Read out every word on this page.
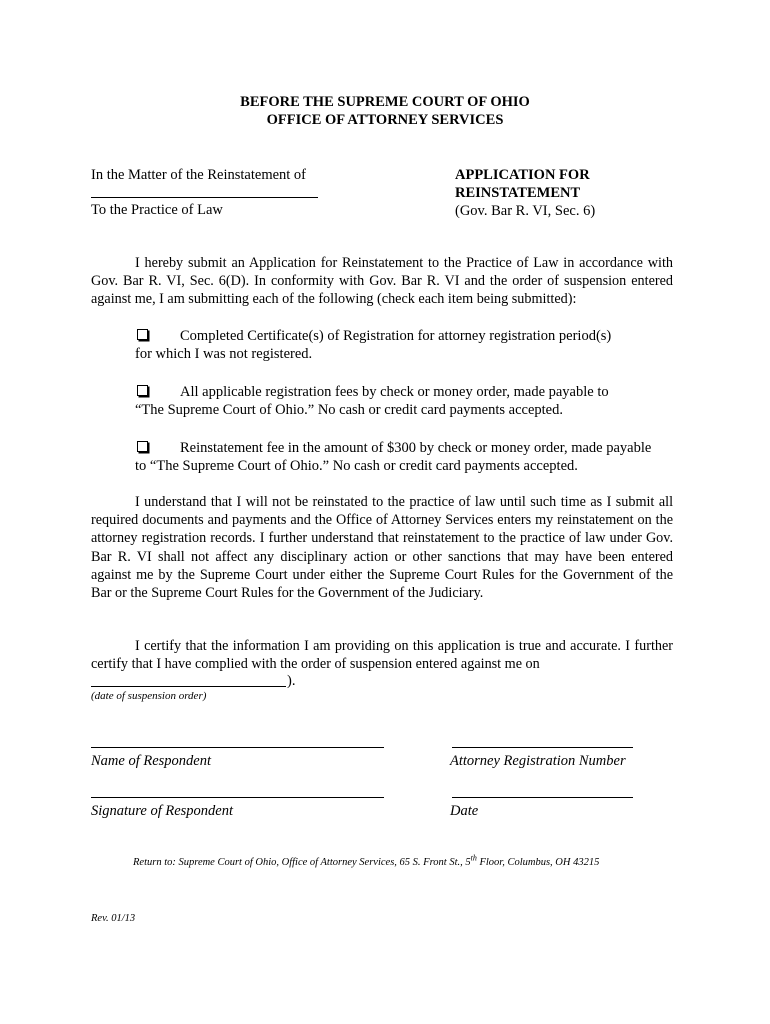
BEFORE THE SUPREME COURT OF OHIO
OFFICE OF ATTORNEY SERVICES
In the Matter of the Reinstatement of
To the Practice of Law
APPLICATION FOR
REINSTATEMENT
(Gov. Bar R. VI, Sec. 6)
I hereby submit an Application for Reinstatement to the Practice of Law in accordance with Gov. Bar R. VI, Sec. 6(D). In conformity with Gov. Bar R. VI and the order of suspension entered against me, I am submitting each of the following (check each item being submitted):
Completed Certificate(s) of Registration for attorney registration period(s)
for which I was not registered.
All applicable registration fees by check or money order, made payable to
“The Supreme Court of Ohio.” No cash or credit card payments accepted.
Reinstatement fee in the amount of $300 by check or money order, made payable
to “The Supreme Court of Ohio.” No cash or credit card payments accepted.
I understand that I will not be reinstated to the practice of law until such time as I submit all required documents and payments and the Office of Attorney Services enters my reinstatement on the attorney registration records. I further understand that reinstatement to the practice of law under Gov. Bar R. VI shall not affect any disciplinary action or other sanctions that may have been entered against me by the Supreme Court under either the Supreme Court Rules for the Government of the Bar or the Supreme Court Rules for the Government of the Judiciary.
I certify that the information I am providing on this application is true and accurate. I further certify that I have complied with the order of suspension entered against me on
).
(date of suspension order)
Name of Respondent	Attorney Registration Number
Signature of Respondent	Date
Return to: Supreme Court of Ohio, Office of Attorney Services, 65 S. Front St., 5th Floor, Columbus, OH 43215
Rev. 01/13
